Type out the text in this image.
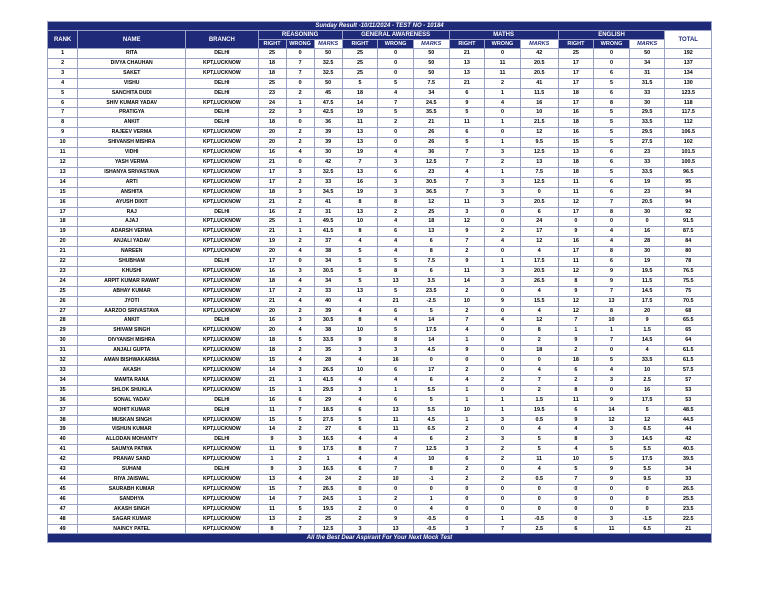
Sunday Result -10/11/2024 - TEST NO - 10184															
RANK	NAME	BRANCH	REASONING			GENERAL AWARENESS			MATHS			ENGLISH			TOTAL
			RIGHT	WRONG	MARKS	RIGHT	WRONG	MARKS	RIGHT	WRONG	MARKS	RIGHT	WRONG	MARKS	
1	RITA	DELHI	25	0	50	25	0	50	21	0	42	25	0	50	192
2	DIVYA CHAUHAN	KPT,LUCKNOW	18	7	32.5	25	0	50	13	11	20.5	17	0	34	137
3	SAKET	KPT,LUCKNOW	18	7	32.5	25	0	50	13	11	20.5	17	6	31	134
4	VISHU	DELHI	25	0	50	5	5	7.5	21	2	41	17	5	31.5	130
5	SANCHITA DUDI	DELHI	23	2	45	18	4	34	6	1	11.5	18	6	33	123.5
6	SHIV KUMAR YADAV	KPT,LUCKNOW	24	1	47.5	14	7	24.5	9	4	16	17	8	30	118
7	PRATIGYA	DELHI	22	3	42.5	19	5	35.5	5	0	10	16	5	29.5	117.5
8	ANKIT	DELHI	18	0	36	11	2	21	11	1	21.5	18	5	33.5	112
9	RAJEEV VERMA	KPT,LUCKNOW	20	2	39	13	0	26	6	0	12	16	5	29.5	106.5
10	SHIVANSH MISHRA	KPT,LUCKNOW	20	2	39	13	0	26	5	1	9.5	15	5	27.5	102
11	VIDHI	KPT,LUCKNOW	16	4	30	19	4	36	7	3	12.5	13	6	23	101.5
12	YASH VERMA	KPT,LUCKNOW	21	0	42	7	3	12.5	7	2	13	18	6	33	100.5
13	ISHANYA SRIVASTAVA	KPT,LUCKNOW	17	3	32.5	13	6	23	4	1	7.5	18	5	33.5	96.5
14	ARTI	KPT,LUCKNOW	17	2	33	16	3	30.5	7	3	12.5	11	6	19	95
15	ANSHITA	KPT,LUCKNOW	18	3	34.5	19	3	36.5	7	3	0	11	6	23	94
16	AYUSH DIXIT	KPT,LUCKNOW	21	2	41	8	8	12	11	3	20.5	12	7	20.5	94
17	RAJ	DELHI	16	2	31	13	2	25	3	0	6	17	8	30	92
18	AJAJ	KPT,LUCKNOW	25	1	49.5	10	4	18	12	0	24	0	0	0	91.5
19	ADARSH VERMA	KPT,LUCKNOW	21	1	41.5	8	6	13	9	2	17	9	4	16	87.5
20	ANJALI YADAV	KPT,LUCKNOW	19	2	37	4	4	6	7	4	12	16	4	28	84
21	NAREEN	KPT,LUCKNOW	20	4	38	5	4	8	2	0	4	17	8	30	80
22	SHUBHAM	DELHI	17	0	34	5	5	7.5	9	1	17.5	11	6	19	78
23	KHUSHI	KPT,LUCKNOW	16	3	30.5	5	8	6	11	3	20.5	12	9	19.5	76.5
24	ARPIT KUMAR RAWAT	KPT,LUCKNOW	18	4	34	5	13	3.5	14	3	26.5	8	9	11.5	75.5
25	ABHAY KUMAR	KPT,LUCKNOW	17	2	33	13	5	23.5	2	0	4	9	7	14.5	75
26	JYOTI	KPT,LUCKNOW	21	4	40	4	21	-2.5	10	9	15.5	12	13	17.5	70.5
27	AARZOO SRIVASTAVA	KPT,LUCKNOW	20	2	39	4	6	5	2	0	4	12	8	20	68
28	ANKIT	DELHI	16	3	30.5	8	4	14	7	4	12	7	10	9	65.5
29	SHIVAM SINGH	KPT,LUCKNOW	20	4	38	10	5	17.5	4	0	8	1	1	1.5	65
30	DIVYANSH MISHRA	KPT,LUCKNOW	18	5	33.5	9	8	14	1	0	2	9	7	14.5	64
31	ANJALI GUPTA	KPT,LUCKNOW	18	2	35	3	3	4.5	9	0	18	2	0	4	61.5
32	AMAN BISHWAKARMA	KPT,LUCKNOW	15	4	28	4	16	0	0	0	0	18	5	33.5	61.5
33	AKASH	KPT,LUCKNOW	14	3	26.5	10	6	17	2	0	4	6	4	10	57.5
34	MAMTA RANA	KPT,LUCKNOW	21	1	41.5	4	4	6	4	2	7	2	3	2.5	57
35	SHLOK SHUKLA	KPT,LUCKNOW	15	1	29.5	3	1	5.5	1	0	2	8	0	16	53
36	SONAL YADAV	DELHI	16	6	29	4	6	5	1	1	1.5	11	9	17.5	53
37	MOHIT KUMAR	DELHI	11	7	18.5	6	13	5.5	10	1	19.5	6	14	5	48.5
38	MUSKAN SINGH	KPT,LUCKNOW	15	5	27.5	5	11	4.5	1	3	0.5	9	12	12	44.5
39	VISHUN KUMAR	KPT,LUCKNOW	14	2	27	6	11	6.5	2	0	4	4	3	6.5	44
40	ALLODAN MOHANTY	DELHI	9	3	16.5	4	4	6	2	3	5	8	3	14.5	42
41	SAUMYA PATWA	KPT,LUCKNOW	11	9	17.5	8	7	12.5	3	2	5	4	5	5.5	40.5
42	PRANAV SAND	KPT,LUCKNOW	1	2	1	4	4	10	6	2	11	10	5	17.5	39.5
43	SUHANI	DELHI	9	3	16.5	6	7	8	2	0	4	5	9	5.5	34
44	RIYA JAISWAL	KPT,LUCKNOW	13	4	24	2	10	-1	2	2	0.5	7	9	9.5	33
45	SAURABH KUMAR	KPT,LUCKNOW	15	7	26.5	0	0	0	0	0	0	0	0	0	26.5
46	SANDHYA	KPT,LUCKNOW	14	7	24.5	1	2	1	0	0	0	0	0	0	25.5
47	AKASH SINGH	KPT,LUCKNOW	11	5	19.5	2	0	4	0	0	0	0	0	0	23.5
48	SAGAR KUMAR	KPT,LUCKNOW	13	2	25	2	9	-0.5	0	1	-0.5	0	3	-1.5	22.5
49	NAINCY PATEL	KPT,LUCKNOW	8	7	12.5	3	13	-0.5	3	7	2.5	6	11	6.5	21
All the Best Dear Aspirant For Your Next Mock Test															
